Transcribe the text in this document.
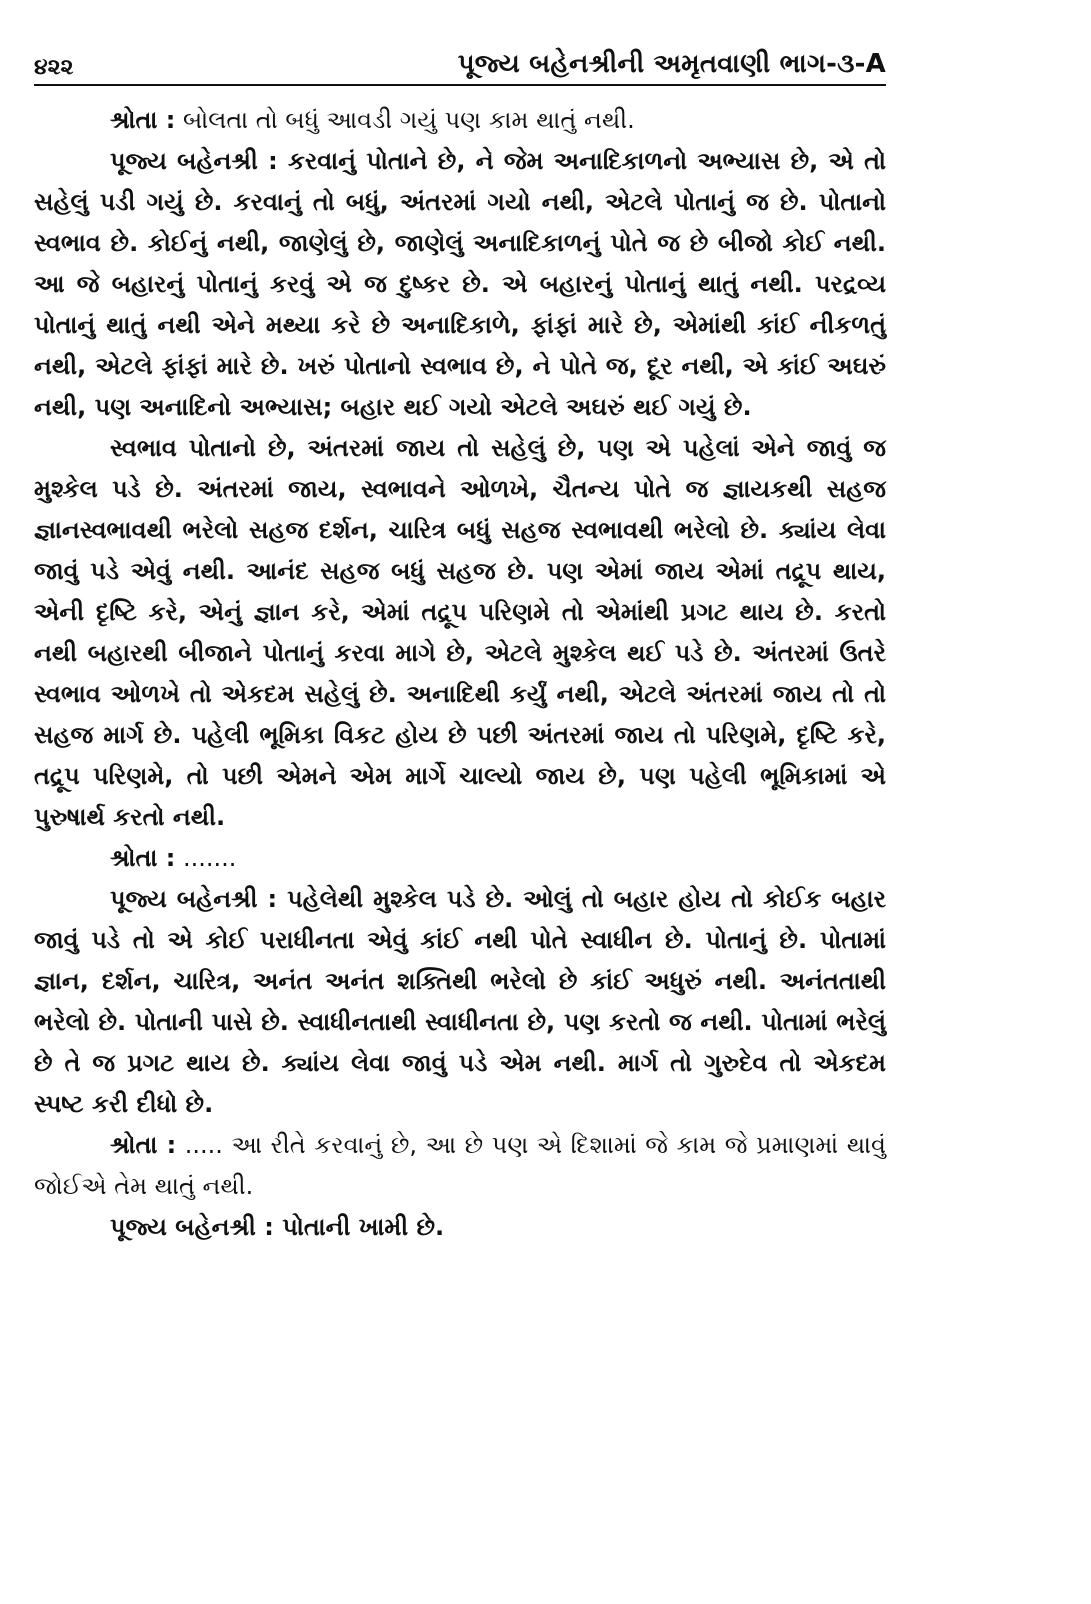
૪૨૨	પૂજ્ય બહેનશ્રીની અમૃતવાણી ભાગ-૩-A

શ્રોતા : બોલતા તો બધું આવડી ગયું પણ કામ થાતું નથી.

પૂજ્ય બહેનશ્રી : કરવાનું પોતાને છે, ને જેમ અનાદિકાળનો અભ્યાસ છે, એ તો સહેલું પડી ગયું છે. કરવાનું તો બધું, અંતરમાં ગયો નથી, એટલે પોતાનું જ છે. પોતાનો સ્વભાવ છે. કોઈનું નથી, જાણેલું છે, જાણેલું અનાદિકાળનું પોતે જ છે બીજો કોઈ નથી. આ જે બહારનું પોતાનું કરવું એ જ દુષ્કર છે. એ બહારનું પોતાનું થાતું નથી. પરદ્રવ્ય પોતાનું થાતું નથી એને મથ્યા કરે છે અનાદિકાળે, ફાંફાં મારે છે, એમાંથી કાંઈ નીકળતું નથી, એટલે ફાંફાં મારે છે. ખરું પોતાનો સ્વભાવ છે, ને પોતે જ, દૂર નથી, એ કાંઈ અઘરું નથી, પણ અનાદિનો અભ્યાસ; બહાર થઈ ગયો એટલે અઘરું થઈ ગયું છે.

સ્વભાવ પોતાનો છે, અંતરમાં જાય તો સહેલું છે, પણ એ પહેલાં એને જાવું જ મુશ્કેલ પડે છે. અંતરમાં જાય, સ્વભાવને ઓળખે, ચૈતન્ય પોતે જ જ્ઞાયકથી સહજ જ્ઞાનસ્વભાવથી ભરેલો સહજ દર્શન, ચારિત્ર બધું સહજ સ્વભાવથી ભરેલો છે. ક્યાંય લેવા જાવું પડે એવું નથી. આનંદ સહજ બધું સહજ છે. પણ એમાં જાય એમાં તદ્રૂપ થાય, એની દૃષ્ટિ કરે, એનું જ્ઞાન કરે, એમાં તદ્રૂપ પરિણમે તો એમાંથી પ્રગટ થાય છે. કરતો નથી બહારથી બીજાને પોતાનું કરવા માગે છે, એટલે મુશ્કેલ થઈ પડે છે. અંતરમાં ઉતરે સ્વભાવ ઓળખે તો એકદમ સહેલું છે. અનાદિથી કર્યું નથી, એટલે અંતરમાં જાય તો તો સહજ માર્ગ છે. પહેલી ભૂમિકા વિકટ હોય છે પછી અંતરમાં જાય તો પરિણમે, દૃષ્ટિ કરે, તદ્રૂપ પરિણમે, તો પછી એમને એમ માર્ગે ચાલ્યો જાય છે, પણ પહેલી ભૂમિકામાં એ પુરુષાર્થ કરતો નથી.

શ્રોતા : .......

પૂજ્ય બહેનશ્રી : પહેલેથી મુશ્કેલ પડે છે. ઓલું તો બહાર હોય તો કોઈક બહાર જાવું પડે તો એ કોઈ પરાધીનતા એવું કાંઈ નથી પોતે સ્વાધીન છે. પોતાનું છે. પોતામાં જ્ઞાન, દર્શન, ચારિત્ર, અનંત અનંત શક્તિથી ભરેલો છે કાંઈ અધુરું નથી. અનંતતાથી ભરેલો છે. પોતાની પાસે છે. સ્વાધીનતાથી સ્વાધીનતા છે, પણ કરતો જ નથી. પોતામાં ભરેલું છે તે જ પ્રગટ થાય છે. ક્યાંય લેવા જાવું પડે એમ નથી. માર્ગ તો ગુરુદેવ તો એકદમ સ્પષ્ટ કરી દીધો છે.

શ્રોતા : ..... આ રીતે કરવાનું છે, આ છે પણ એ દિશામાં જે કામ જે પ્રમાણમાં થાવું જોઈએ તેમ થાતું નથી.

પૂજ્ય બહેનશ્રી : પોતાની ખામી છે.
